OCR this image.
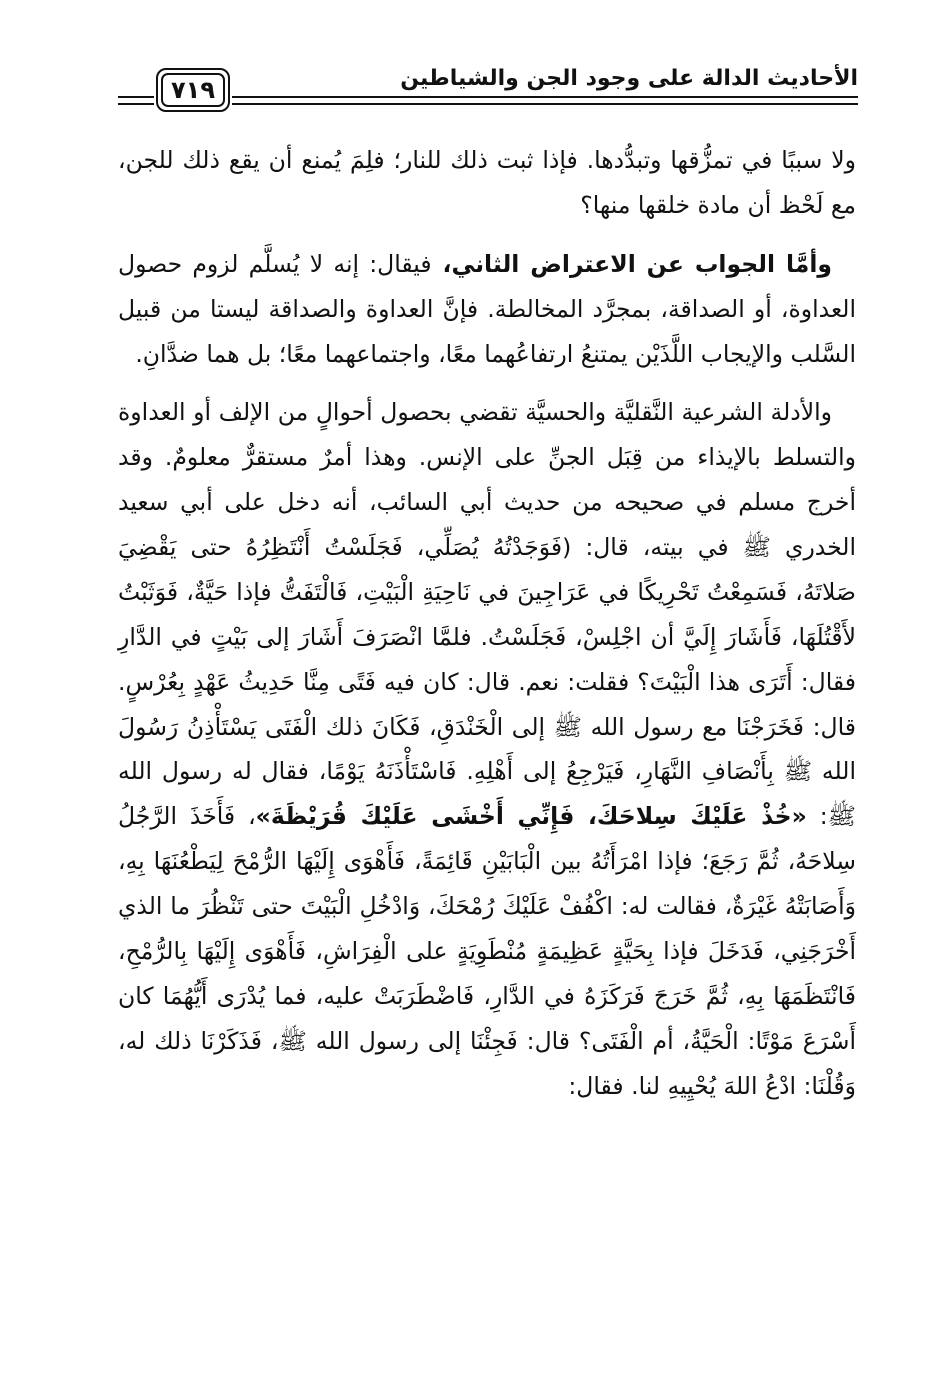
الأحاديث الدالة على وجود الجن والشياطين
٧١٩

ولا سببًا في تمزُّقها وتبدُّدها. فإذا ثبت ذلك للنار؛ فلِمَ يُمنع أن يقع ذلك للجن، مع لَحْظ أن مادة خلقها منها؟

وأمَّا الجواب عن الاعتراض الثاني، فيقال: إنه لا يُسلَّم لزوم حصول العداوة، أو الصداقة، بمجرَّد المخالطة. فإنَّ العداوة والصداقة ليستا من قبيل السَّلب والإيجاب اللَّذَيْن يمتنعُ ارتفاعُهما معًا، واجتماعهما معًا؛ بل هما ضدَّانِ.

والأدلة الشرعية النَّقليَّة والحسيَّة تقضي بحصول أحوالٍ من الإلف أو العداوة والتسلط بالإيذاء من قِبَل الجنِّ على الإنس. وهذا أمرٌ مستقرٌّ معلومٌ. وقد أخرج مسلم في صحيحه من حديث أبي السائب، أنه دخل على أبي سعيد الخدري ﷺ في بيته، قال: (فَوَجَدْتُهُ يُصَلِّي، فَجَلَسْتُ أَنْتَظِرُهُ حتى يَقْضِيَ صَلاتَهُ، فَسَمِعْتُ تَحْرِيكًا في عَرَاجِينَ في نَاحِيَةِ الْبَيْتِ، فَالْتَفَتُّ فإذا حَيَّةٌ، فَوَثَبْتُ لأَقْتُلَهَا، فَأَشَارَ إِلَيَّ أن اجْلِسْ، فَجَلَسْتُ. فلمَّا انْصَرَفَ أَشَارَ إلى بَيْتٍ في الدَّارِ فقال: أَتَرَى هذا الْبَيْتَ؟ فقلت: نعم. قال: كان فيه فَتًى مِنَّا حَدِيثُ عَهْدٍ بِعُرْسٍ. قال: فَخَرَجْنَا مع رسول الله ﷺ إلى الْخَنْدَقِ، فَكَانَ ذلك الْفَتَى يَسْتَأْذِنُ رَسُولَ الله ﷺ بِأَنْصَافِ النَّهَارِ، فَيَرْجِعُ إلى أَهْلِهِ. فَاسْتَأْذَنَهُ يَوْمًا، فقال له رسول الله ﷺ: «خُذْ عَلَيْكَ سِلاحَكَ، فَإِنِّي أَخْشَى عَلَيْكَ قُرَيْظَةَ»، فَأَخَذَ الرَّجُلُ سِلاحَهُ، ثُمَّ رَجَعَ؛ فإذا امْرَأَتُهُ بين الْبَابَيْنِ قَائِمَةً، فَأَهْوَى إِلَيْهَا الرُّمْحَ لِيَطْعُنَهَا بِهِ، وَأَصَابَتْهُ غَيْرَةٌ، فقالت له: اكْفُفْ عَلَيْكَ رُمْحَكَ، وَادْخُلِ الْبَيْتَ حتى تَنْظُرَ ما الذي أَخْرَجَنِي، فَدَخَلَ فإذا بِحَيَّةٍ عَظِيمَةٍ مُنْطَوِيَةٍ على الْفِرَاشِ، فَأَهْوَى إِلَيْهَا بِالرُّمْحِ، فَانْتَظَمَهَا بِهِ، ثُمَّ خَرَجَ فَرَكَزَهُ في الدَّارِ، فَاضْطَرَبَتْ عليه، فما يُدْرَى أَيُّهُمَا كان أَسْرَعَ مَوْتًا: الْحَيَّةُ، أم الْفَتَى؟ قال: فَجِئْنَا إلى رسول الله ﷺ، فَذَكَرْنَا ذلك له، وَقُلْنَا: ادْعُ اللهَ يُحْيِيهِ لنا. فقال:
